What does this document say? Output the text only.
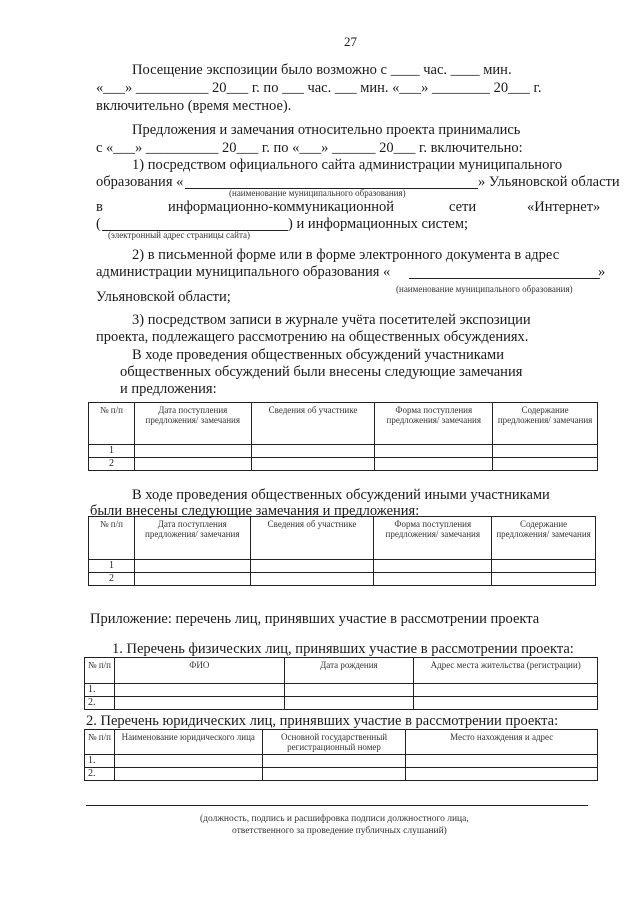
27
Посещение экспозиции было возможно с ____ час. ____ мин.
«___» __________ 20___ г. по ___ час. ___ мин. «___» ________ 20___ г.
включительно (время местное).
Предложения и замечания относительно проекта принимались
с «___» __________ 20___ г. по «___» ______ 20___ г. включительно:
1) посредством официального сайта администрации муниципального
образования «	» Ульяновской области
(наименование муниципального образования)
в	информационно-коммуникационной	сети	«Интернет»
(	) и информационных систем;
(электронный адрес страницы сайта)
2) в письменной форме или в форме электронного документа в адрес
администрации муниципального образования «	»
(наименование муниципального образования)
Ульяновской области;
3) посредством записи в журнале учёта посетителей экспозиции
проекта, подлежащего рассмотрению на общественных обсуждениях.
В ходе проведения общественных обсуждений участниками
общественных обсуждений были внесены следующие замечания
и предложения:
№ п/п	Дата поступления предложения/ замечания	Сведения об участнике	Форма поступления предложения/ замечания	Содержание предложения/ замечания
1				
2				
В ходе проведения общественных обсуждений иными участниками
были внесены следующие замечания и предложения:
№ п/п	Дата поступления предложения/ замечания	Сведения об участнике	Форма поступления предложения/ замечания	Содержание предложения/ замечания
1				
2				
Приложение: перечень лиц, принявших участие в рассмотрении проекта
1. Перечень физических лиц, принявших участие в рассмотрении проекта:
№ п/п	ФИО	Дата рождения	Адрес места жительства (регистрации)
1.			
2.			
2. Перечень юридических лиц, принявших участие в рассмотрении проекта:
№ п/п	Наименование юридического лица	Основной государственный регистрационный номер	Место нахождения и адрес
1.			
2.			
(должность, подпись и расшифровка подписи должностного лица,
ответственного за проведение публичных слушаний)
